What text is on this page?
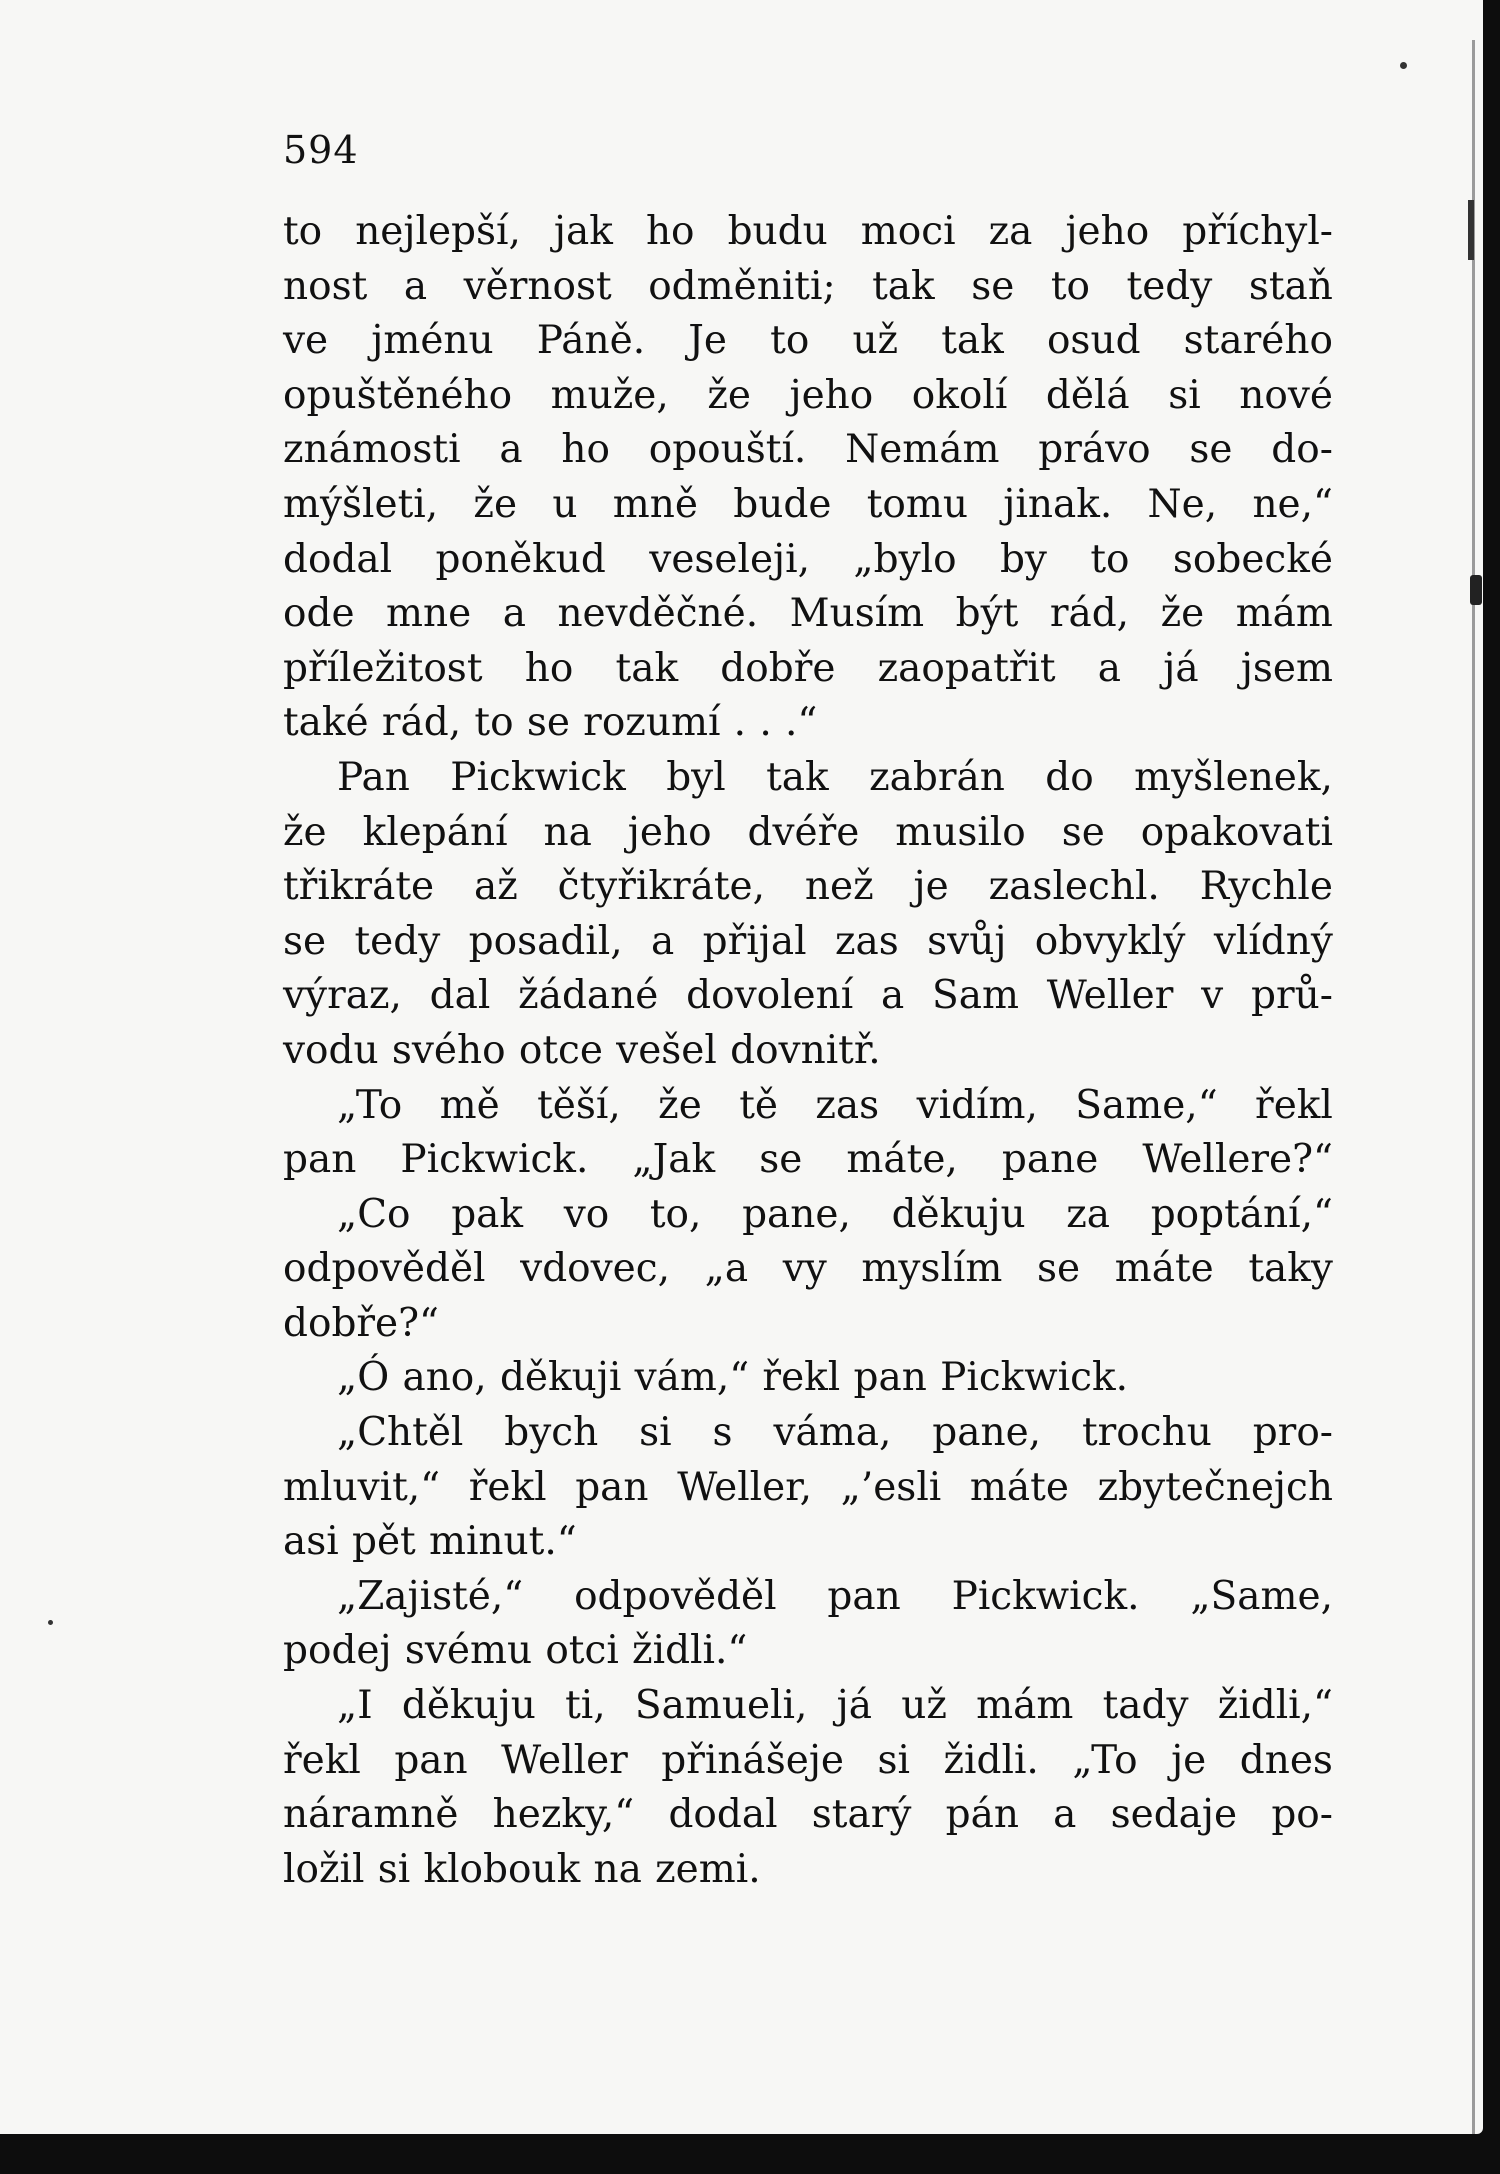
594
to nejlepší, jak ho budu moci za jeho příchyl-
nost a věrnost odměniti; tak se to tedy staň
ve jménu Páně. Je to už tak osud starého
opuštěného muže, že jeho okolí dělá si nové
známosti a ho opouští. Nemám právo se do-
mýšleti, že u mně bude tomu jinak. Ne, ne,“
dodal poněkud veseleji, „bylo by to sobecké
ode mne a nevděčné. Musím být rád, že mám
příležitost ho tak dobře zaopatřit a já jsem
také rád, to se rozumí . . .“
Pan Pickwick byl tak zabrán do myšlenek,
že klepání na jeho dvéře musilo se opakovati
třikráte až čtyřikráte, než je zaslechl. Rychle
se tedy posadil, a přijal zas svůj obvyklý vlídný
výraz, dal žádané dovolení a Sam Weller v prů-
vodu svého otce vešel dovnitř.
„To mě těší, že tě zas vidím, Same,“ řekl
pan Pickwick. „Jak se máte, pane Wellere?“
„Co pak vo to, pane, děkuju za poptání,“
odpověděl vdovec, „a vy myslím se máte taky
dobře?“
„Ó ano, děkuji vám,“ řekl pan Pickwick.
„Chtěl bych si s váma, pane, trochu pro-
mluvit,“ řekl pan Weller, „’esli máte zbytečnejch
asi pět minut.“
„Zajisté,“ odpověděl pan Pickwick. „Same,
podej svému otci židli.“
„I děkuju ti, Samueli, já už mám tady židli,“
řekl pan Weller přinášeje si židli. „To je dnes
náramně hezky,“ dodal starý pán a sedaje po-
ložil si klobouk na zemi.
